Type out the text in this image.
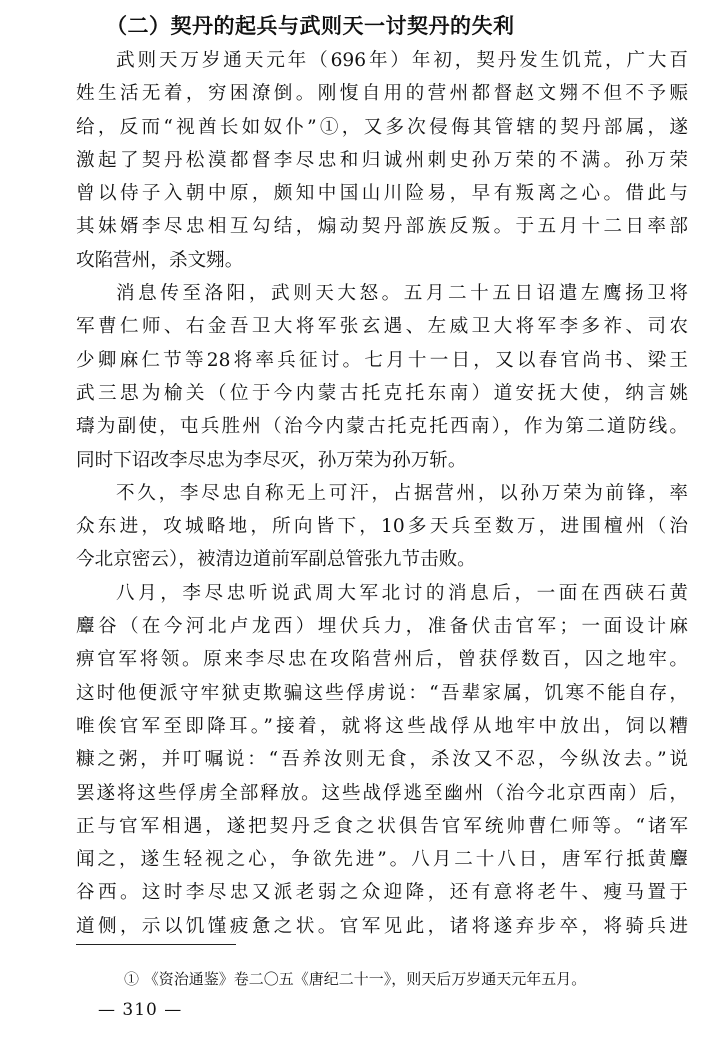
（二）契丹的起兵与武则天一讨契丹的失利
武则天万岁通天元年（696年）年初，契丹发生饥荒，广大百
姓生活无着，穷困潦倒。刚愎自用的营州都督赵文翙不但不予赈
给，反而“视酋长如奴仆”①，又多次侵侮其管辖的契丹部属，遂
激起了契丹松漠都督李尽忠和归诚州刺史孙万荣的不满。孙万荣
曾以侍子入朝中原，颇知中国山川险易，早有叛离之心。借此与
其妹婿李尽忠相互勾结，煽动契丹部族反叛。于五月十二日率部
攻陷营州，杀文翙。
消息传至洛阳，武则天大怒。五月二十五日诏遣左鹰扬卫将
军曹仁师、右金吾卫大将军张玄遇、左威卫大将军李多祚、司农
少卿麻仁节等28将率兵征讨。七月十一日，又以春官尚书、梁王
武三思为榆关（位于今内蒙古托克托东南）道安抚大使，纳言姚
璹为副使，屯兵胜州（治今内蒙古托克托西南），作为第二道防线。
同时下诏改李尽忠为李尽灭，孙万荣为孙万斩。
不久，李尽忠自称无上可汗，占据营州，以孙万荣为前锋，率
众东进，攻城略地，所向皆下，10多天兵至数万，进围檀州（治
今北京密云），被清边道前军副总管张九节击败。
八月，李尽忠听说武周大军北讨的消息后，一面在西硖石黄
麞谷（在今河北卢龙西）埋伏兵力，准备伏击官军；一面设计麻
痹官军将领。原来李尽忠在攻陷营州后，曾获俘数百，囚之地牢。
这时他便派守牢狱吏欺骗这些俘虏说：“吾辈家属，饥寒不能自存，
唯俟官军至即降耳。”接着，就将这些战俘从地牢中放出，饲以糟
糠之粥，并叮嘱说：“吾养汝则无食，杀汝又不忍，今纵汝去。”说
罢遂将这些俘虏全部释放。这些战俘逃至幽州（治今北京西南）后，
正与官军相遇，遂把契丹乏食之状俱告官军统帅曹仁师等。“诸军
闻之，遂生轻视之心，争欲先进”。八月二十八日，唐军行抵黄麞
谷西。这时李尽忠又派老弱之众迎降，还有意将老牛、瘦马置于
道侧，示以饥馑疲惫之状。官军见此，诸将遂弃步卒，将骑兵进
① 《资治通鉴》卷二〇五《唐纪二十一》，则天后万岁通天元年五月。
— 310 —
